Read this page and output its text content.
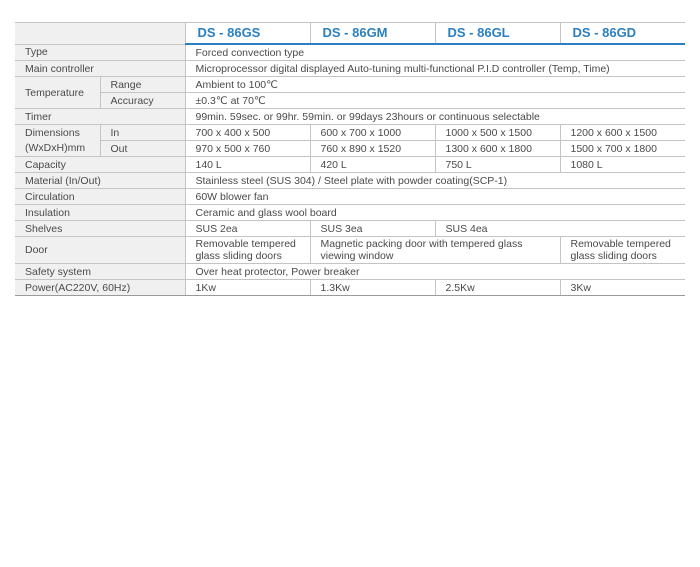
		DS - 86GS	DS - 86GM	DS - 86GL	DS - 86GD
Type		Forced convection type			
Main controller		Microprocessor digital displayed Auto-tuning multi-functional P.I.D controller (Temp, Time)			
Temperature	Range	Ambient to 100℃			
	Accuracy	±0.3℃ at 70℃			
Timer		99min. 59sec. or 99hr. 59min. or 99days 23hours or continuous selectable			
Dimensions
(WxDxH)mm	In	700 x 400 x 500	600 x 700 x 1000	1000 x 500 x 1500	1200 x 600 x 1500
	Out	970 x 500 x 760	760 x 890 x 1520	1300 x 600 x 1800	1500 x 700 x 1800
Capacity		140 L	420 L	750 L	1080 L
Material (In/Out)		Stainless steel (SUS 304) / Steel plate with powder coating(SCP-1)			
Circulation		60W blower fan			
Insulation		Ceramic and glass wool board			
Shelves		SUS 2ea	SUS 3ea	SUS 4ea	
Door		Removable tempered glass sliding doors	Magnetic packing door with tempered glass viewing window		Removable tempered glass sliding doors
Safety system		Over heat protector, Power breaker			
Power(AC220V, 60Hz)		1Kw	1.3Kw	2.5Kw	3Kw
